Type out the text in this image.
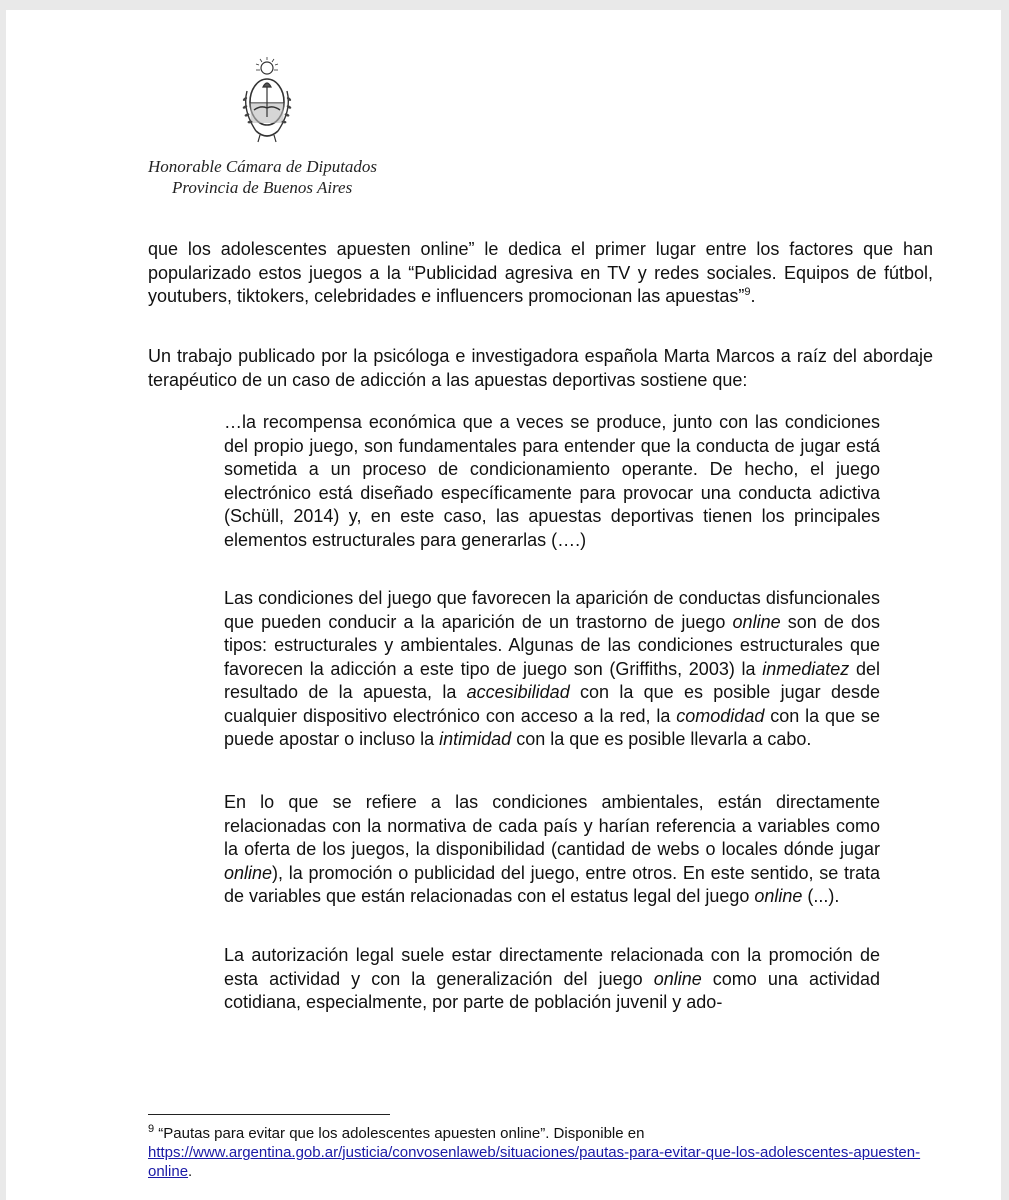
Honorable Cámara de Diputados
Provincia de Buenos Aires

que los adolescentes apuesten online” le dedica el primer lugar entre los factores que han popularizado estos juegos a la “Publicidad agresiva en TV y redes sociales. Equipos de fútbol, youtubers, tiktokers, celebridades e influencers promocionan las apuestas”$^9$.

Un trabajo publicado por la psicóloga e investigadora española Marta Marcos a raíz del abordaje terapéutico de un caso de adicción a las apuestas deportivas sostiene que:

…la recompensa económica que a veces se produce, junto con las condiciones del propio juego, son fundamentales para entender que la conducta de jugar está sometida a un proceso de condicionamiento operante. De hecho, el juego electrónico está diseñado específicamente para provocar una conducta adictiva (Schüll, 2014) y, en este caso, las apuestas deportivas tienen los principales elementos estructurales para generarlas (….)

Las condiciones del juego que favorecen la aparición de conductas disfuncionales que pueden conducir a la aparición de un trastorno de juego online son de dos tipos: estructurales y ambientales. Algunas de las condiciones estructurales que favorecen la adicción a este tipo de juego son (Griffiths, 2003) la inmediatez del resultado de la apuesta, la accesibilidad con la que es posible jugar desde cualquier dispositivo electrónico con acceso a la red, la comodidad con la que se puede apostar o incluso la intimidad con la que es posible llevarla a cabo.

En lo que se refiere a las condiciones ambientales, están directamente relacionadas con la normativa de cada país y harían referencia a variables como la oferta de los juegos, la disponibilidad (cantidad de webs o locales dónde jugar online), la promoción o publicidad del juego, entre otros. En este sentido, se trata de variables que están relacionadas con el estatus legal del juego online (...).

La autorización legal suele estar directamente relacionada con la promoción de esta actividad y con la generalización del juego online como una actividad cotidiana, especialmente, por parte de población juvenil y ado-

$^9$ “Pautas para evitar que los adolescentes apuesten online”. Disponible en
https://www.argentina.gob.ar/justicia/convosenlaweb/situaciones/pautas-para-evitar-que-los-adolescentes-apuesten-online.
